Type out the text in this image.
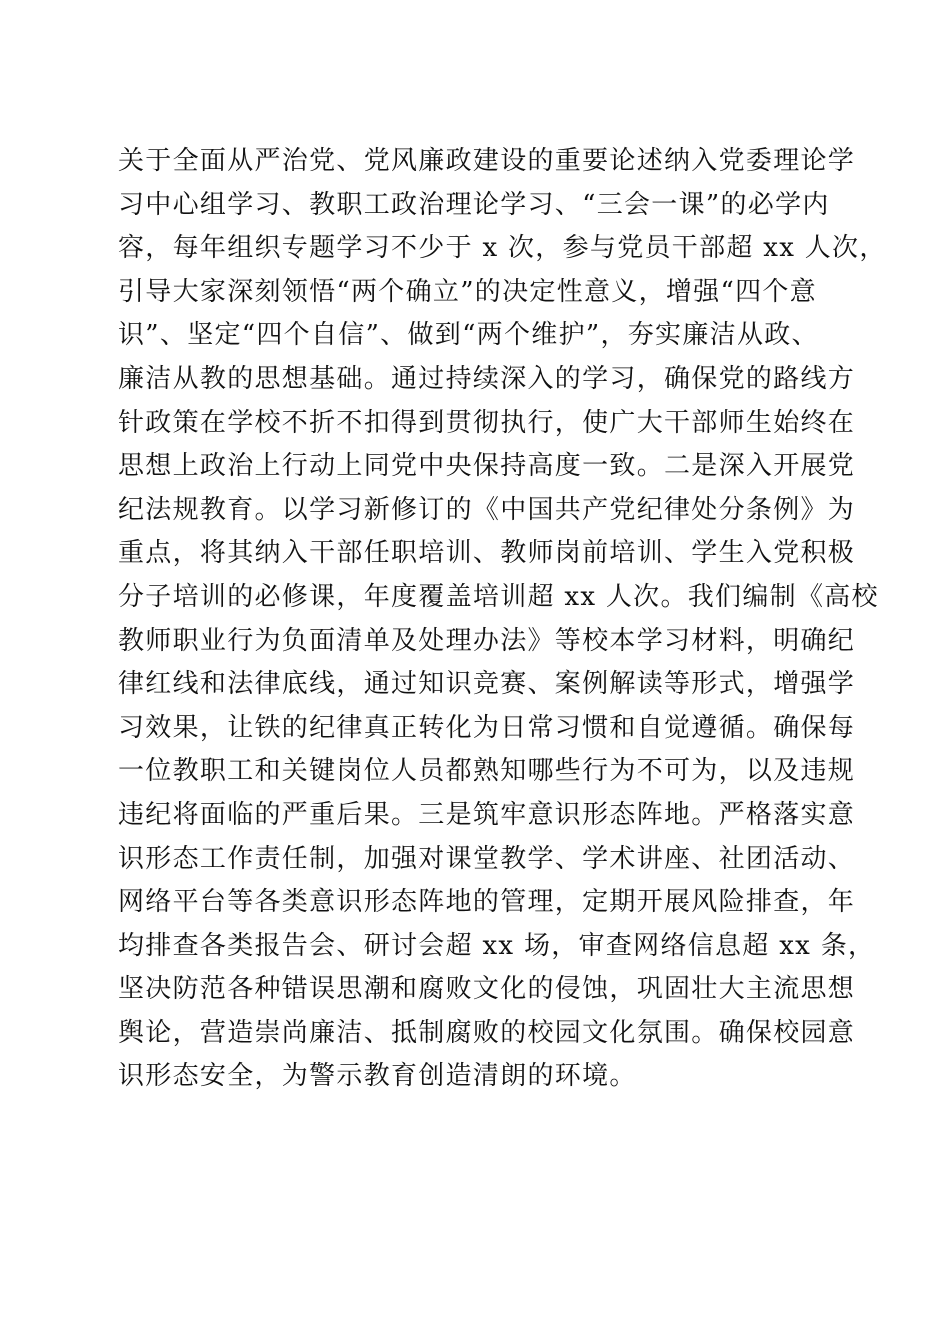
关于全面从严治党、党风廉政建设的重要论述纳入党委理论学
习中心组学习、教职工政治理论学习、“三会一课”的必学内
容，每年组织专题学习不少于 x 次，参与党员干部超 xx 人次，
引导大家深刻领悟“两个确立”的决定性意义，增强“四个意
识”、坚定“四个自信”、做到“两个维护”，夯实廉洁从政、
廉洁从教的思想基础。通过持续深入的学习，确保党的路线方
针政策在学校不折不扣得到贯彻执行，使广大干部师生始终在
思想上政治上行动上同党中央保持高度一致。二是深入开展党
纪法规教育。以学习新修订的《中国共产党纪律处分条例》为
重点，将其纳入干部任职培训、教师岗前培训、学生入党积极
分子培训的必修课，年度覆盖培训超 xx 人次。我们编制《高校
教师职业行为负面清单及处理办法》等校本学习材料，明确纪
律红线和法律底线，通过知识竞赛、案例解读等形式，增强学
习效果，让铁的纪律真正转化为日常习惯和自觉遵循。确保每
一位教职工和关键岗位人员都熟知哪些行为不可为，以及违规
违纪将面临的严重后果。三是筑牢意识形态阵地。严格落实意
识形态工作责任制，加强对课堂教学、学术讲座、社团活动、
网络平台等各类意识形态阵地的管理，定期开展风险排查，年
均排查各类报告会、研讨会超 xx 场，审查网络信息超 xx 条，
坚决防范各种错误思潮和腐败文化的侵蚀，巩固壮大主流思想
舆论，营造崇尚廉洁、抵制腐败的校园文化氛围。确保校园意
识形态安全，为警示教育创造清朗的环境。
